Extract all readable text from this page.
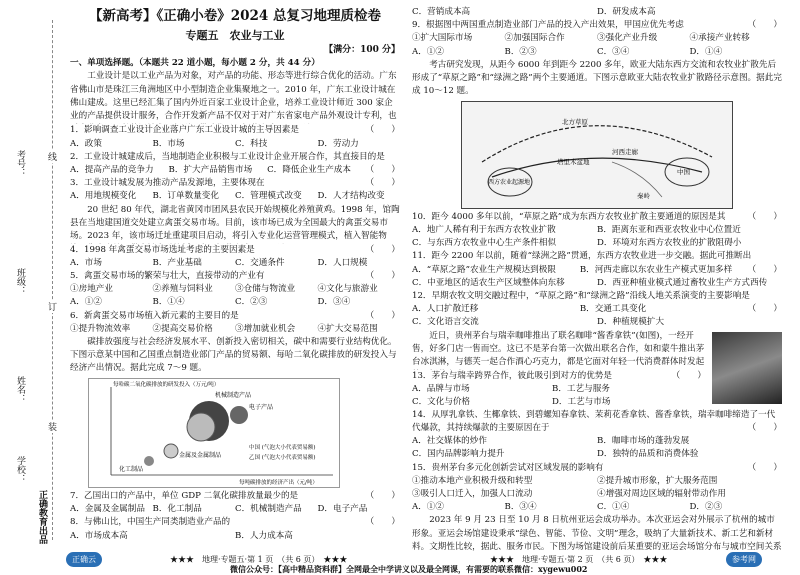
考号：
班级：
姓名：
学校：
正确教育出品
线
订
装
【新高考】《正确小卷》2024 总复习地理质检卷
专题五　农业与工业
【满分：100 分】
一、单项选择题。（本题共 22 道小题，每小题 2 分，共 44 分）

工业设计是以工业产品为对象，对产品的功能、形态等进行综合优化的活动。广东省佛山市是珠江三角洲地区中小型制造企业集聚地之一。2010 年，广东工业设计城在佛山建成。这里已经汇集了国内外近百家工业设计企业，培养工业设计师近 300 家企业的产品提供设计服务，合作开发新产品不仅对于对广东省家电产品外观设计专利，也

1．影响调查工业设计企业落户广东工业设计城的主导因素是	（　　）
A．政策	B．市场	C．科技	D．劳动力
2．工业设计城建成后，当地制造企业积极与工业设计企业开展合作，其直接目的是
（　　）
A．提高产品的竞争力	B．扩大产品销售市场	C．降低企业生产成本
3．工业设计城发展为推动产品发源地，主要体现在	（　　）
A．用地规模变化	B．订单数量变化	C．管理模式改变	D．人才结构改变

20 世纪 80 年代，湖北省黄冈市团风县农民开始规模化养殖黄鸡。1998 年，馆陶县在当地建国道交处建立禽蛋交易市场。目前，该市场已成为全国最大的禽蛋交易市场。2023 年，该市场迁址重建项目启动，将引入专业化运营管理模式，植入智能物

4．1998 年禽蛋交易市场选址考虑的主要因素是	（　　）
A．市场	B．产业基础	C．交通条件	D．人口规模
5．禽蛋交易市场的繁荣与壮大，直接带动的产业有	（　　）
①房地产业	②养殖与饲料业	③仓储与物流业	④文化与旅游业
A．①②	B．①④	C．②③	D．③④
6．新禽蛋交易市场植入新元素的主要目的是	（　　）
①提升物流效率	②提高交易价格	③增加就业机会	④扩大交易范围

碳排放强度与社会经济发展水平、创新投入密切相关，碳中和需要行业结构优化。下图示意某中国和乙国重点制造业部门产品的贸易额、每哈二氧化碳排放的研发投入与经济产出情况。据此完成 7～9 题。

机械制造产品
电子产品
金属及金属制品
化工制品
每哈碳二氧化碳排放的研发投入（万元/吨）
每吨碳排放的经济产出（元/吨）
中国 (气泡大小代表贸易额)
乙国 (气泡大小代表贸易额)
7．乙国出口的产品中，单位 GDP 二氧化碳排放量最少的是	（　　）
A．金属及金属制品 B．化工制品	C．机械制造产品	D．电子产品
8．与佛山比，中国生产同类制造业产品的	（　　）
A．市场成本高	B．人力成本高
C．营销成本高	D．研发成本高
9．根据图中两国重点制造业部门产品的投入产出效果，甲国应优先考虑	（　　）
①扩大国际市场	②加强国际合作	③强化产业升级	④承接产业转移
A．①②	B．②③	C．③④	D．①④

考古研究发现，从距今 6000 年到距今 2200 多年，欧亚大陆东西方交流和农牧业扩散先后形成了“草原之路”和“绿洲之路”两个主要通道。下图示意欧亚大陆农牧业扩散路径示意图。据此完成 10～12 题。

北方草原
秦岭
河西走廊
塔里木盆地
中国
西方农业起源地
10．距今 4000 多年以前，“草原之路”成为东西方农牧业扩散主要通道的原因是其	（　　）
A．地广人稀有利于东西方农牧业扩散	B．距离东亚和西亚农牧业中心位置近
C．与东西方农牧业中心生产条件相似	D．环境对东西方农牧业的扩散阻碍小
11．距今 2200 年以前，随着“绿洲之路”贯通，东西方农牧业进一步交融。据此可推断出
（　　）
A．“草原之路”农业生产规模达到极限	B．河西走廊以东农业生产模式更加多样
C．中亚地区的适农生产区域整体向东移	D．西亚种植业模式通过畜牧业生产方式西传
12．早期农牧文明交融过程中，“草原之路”和“绿洲之路”沿线人地关系演变的主要影响是
（　　）
A．人口扩散迁移	B．交通工具变化
C．文化语言交流	D．种植规模扩大

近日，贵州茅台与瑞幸咖啡推出了联名咖啡“酱香拿铁”(如图)，一经开售，好多门店一售而空。这已不是茅台第一次做出联名合作，如和蒙牛推出茅台冰淇淋，与德芙一起合作酒心巧克力，都是它面对年轻一代消费群体时发起

13．茅台与瑞幸跨界合作，彼此吸引到对方的优势是	（　　）
A．品牌与市场	B．工艺与服务
C．文化与价格	D．工艺与市场
14．从厚乳拿铁、生椰拿铁、到碧螺知春拿铁、茉莉花香拿铁、酱香拿铁，瑞幸咖啡缔造了一代代爆款，其持续爆款的主要原因在于	（　　）
A．社交媒体的炒作	B．咖啡市场的蓬勃发展
C．国内品牌影响力提升	D．独特的品质和消费体验
15．贵州茅台多元化创新尝试对区域发展的影响有	（　　）
①推动本地产业积极升级和转型	②提升城市形象，扩大服务范围
③吸引人口迁入，加强人口流动	④增强对周边区域的辐射带动作用
A．①②	B．③④	C．①④	D．②③

2023 年 9 月 23 日至 10 月 8 日杭州亚运会成功举办。本次亚运会对外展示了杭州的城市形象。亚运会场馆建设秉承“绿色、智能、节俭、文明”理念，吸纳了大量新技术、新工艺和新材料。文期性比较，据此、服务市民。下图为场馆建设前后某重要的亚运会场馆分布与城市空间关系

正确云	★★★　地理·专题五·第 1 页　（共 6 页）　★★★	★★★　地理·专题五·第 2 页　（共 6 页）　★★★
微信公众号：【高中精品资料群】全网最全中学讲义以及最全网课，有需要的联系微信：xygewu002
参考网
